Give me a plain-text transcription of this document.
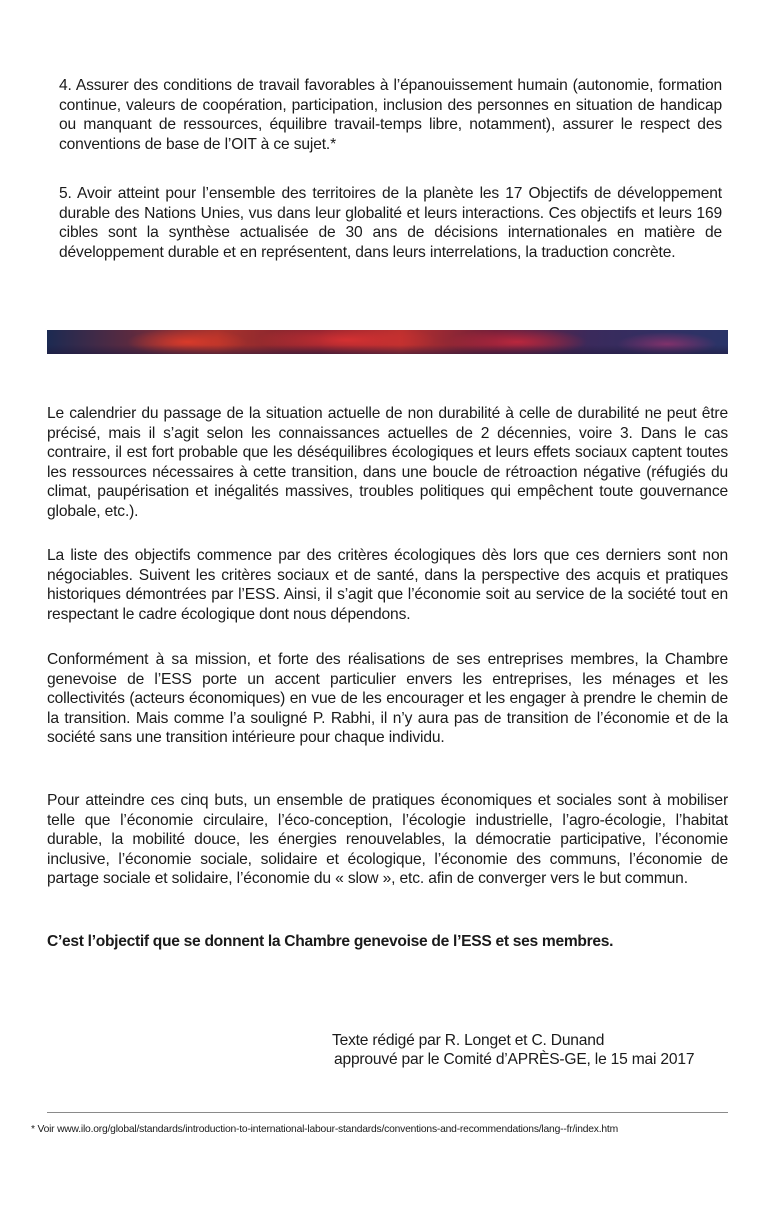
4. Assurer des conditions de travail favorables à l’épanouissement humain (autonomie, formation continue, valeurs de coopération, participation, inclusion des personnes en situation de handicap ou manquant de ressources, équilibre travail-temps libre, notamment), assurer le respect des conventions de base de l’OIT à ce sujet.*

5. Avoir atteint pour l’ensemble des territoires de la planète les 17 Objectifs de développement durable des Nations Unies, vus dans leur globalité et leurs interactions. Ces objectifs et leurs 169 cibles sont la synthèse actualisée de 30 ans de décisions internationales en matière de développement durable et en représentent, dans leurs interrelations, la traduction concrète.

Le calendrier du passage de la situation actuelle de non durabilité à celle de durabilité ne peut être précisé, mais il s’agit selon les connaissances actuelles de 2 décennies, voire 3. Dans le cas contraire, il est fort probable que les déséquilibres écologiques et leurs effets sociaux captent toutes les ressources nécessaires à cette transition, dans une boucle de rétroaction négative (réfugiés du climat, paupérisation et inégalités massives, troubles politiques qui empêchent toute gouvernance globale, etc.).

La liste des objectifs commence par des critères écologiques dès lors que ces derniers sont non négociables. Suivent les critères sociaux et de santé, dans la perspective des acquis et pratiques historiques démontrées par l’ESS. Ainsi, il s’agit que l’économie soit au service de la société tout en respectant le cadre écologique dont nous dépendons.

Conformément à sa mission, et forte des réalisations de ses entreprises membres, la Chambre genevoise de l’ESS porte un accent particulier envers les entreprises, les ménages et les collectivités (acteurs économiques) en vue de les encourager et les engager à prendre le chemin de la transition. Mais comme l’a souligné P. Rabhi, il n’y aura pas de transition de l’économie et de la société sans une transition intérieure pour chaque individu.

Pour atteindre ces cinq buts, un ensemble de pratiques économiques et sociales sont à mobiliser telle que l’économie circulaire, l’éco-conception, l’écologie industrielle, l’agro-écologie, l’habitat durable, la mobilité douce, les énergies renouvelables, la démocratie participative, l’économie inclusive, l’économie sociale, solidaire et écologique, l’économie des communs, l’économie de partage sociale et solidaire, l’économie du « slow », etc. afin de converger vers le but commun.

C’est l’objectif que se donnent la Chambre genevoise de l’ESS et ses membres.

Texte rédigé par R. Longet et C. Dunand

approuvé par le Comité d’APRÈS-GE, le 15 mai 2017

* Voir www.ilo.org/global/standards/introduction-to-international-labour-standards/conventions-and-recommendations/lang--fr/index.htm
